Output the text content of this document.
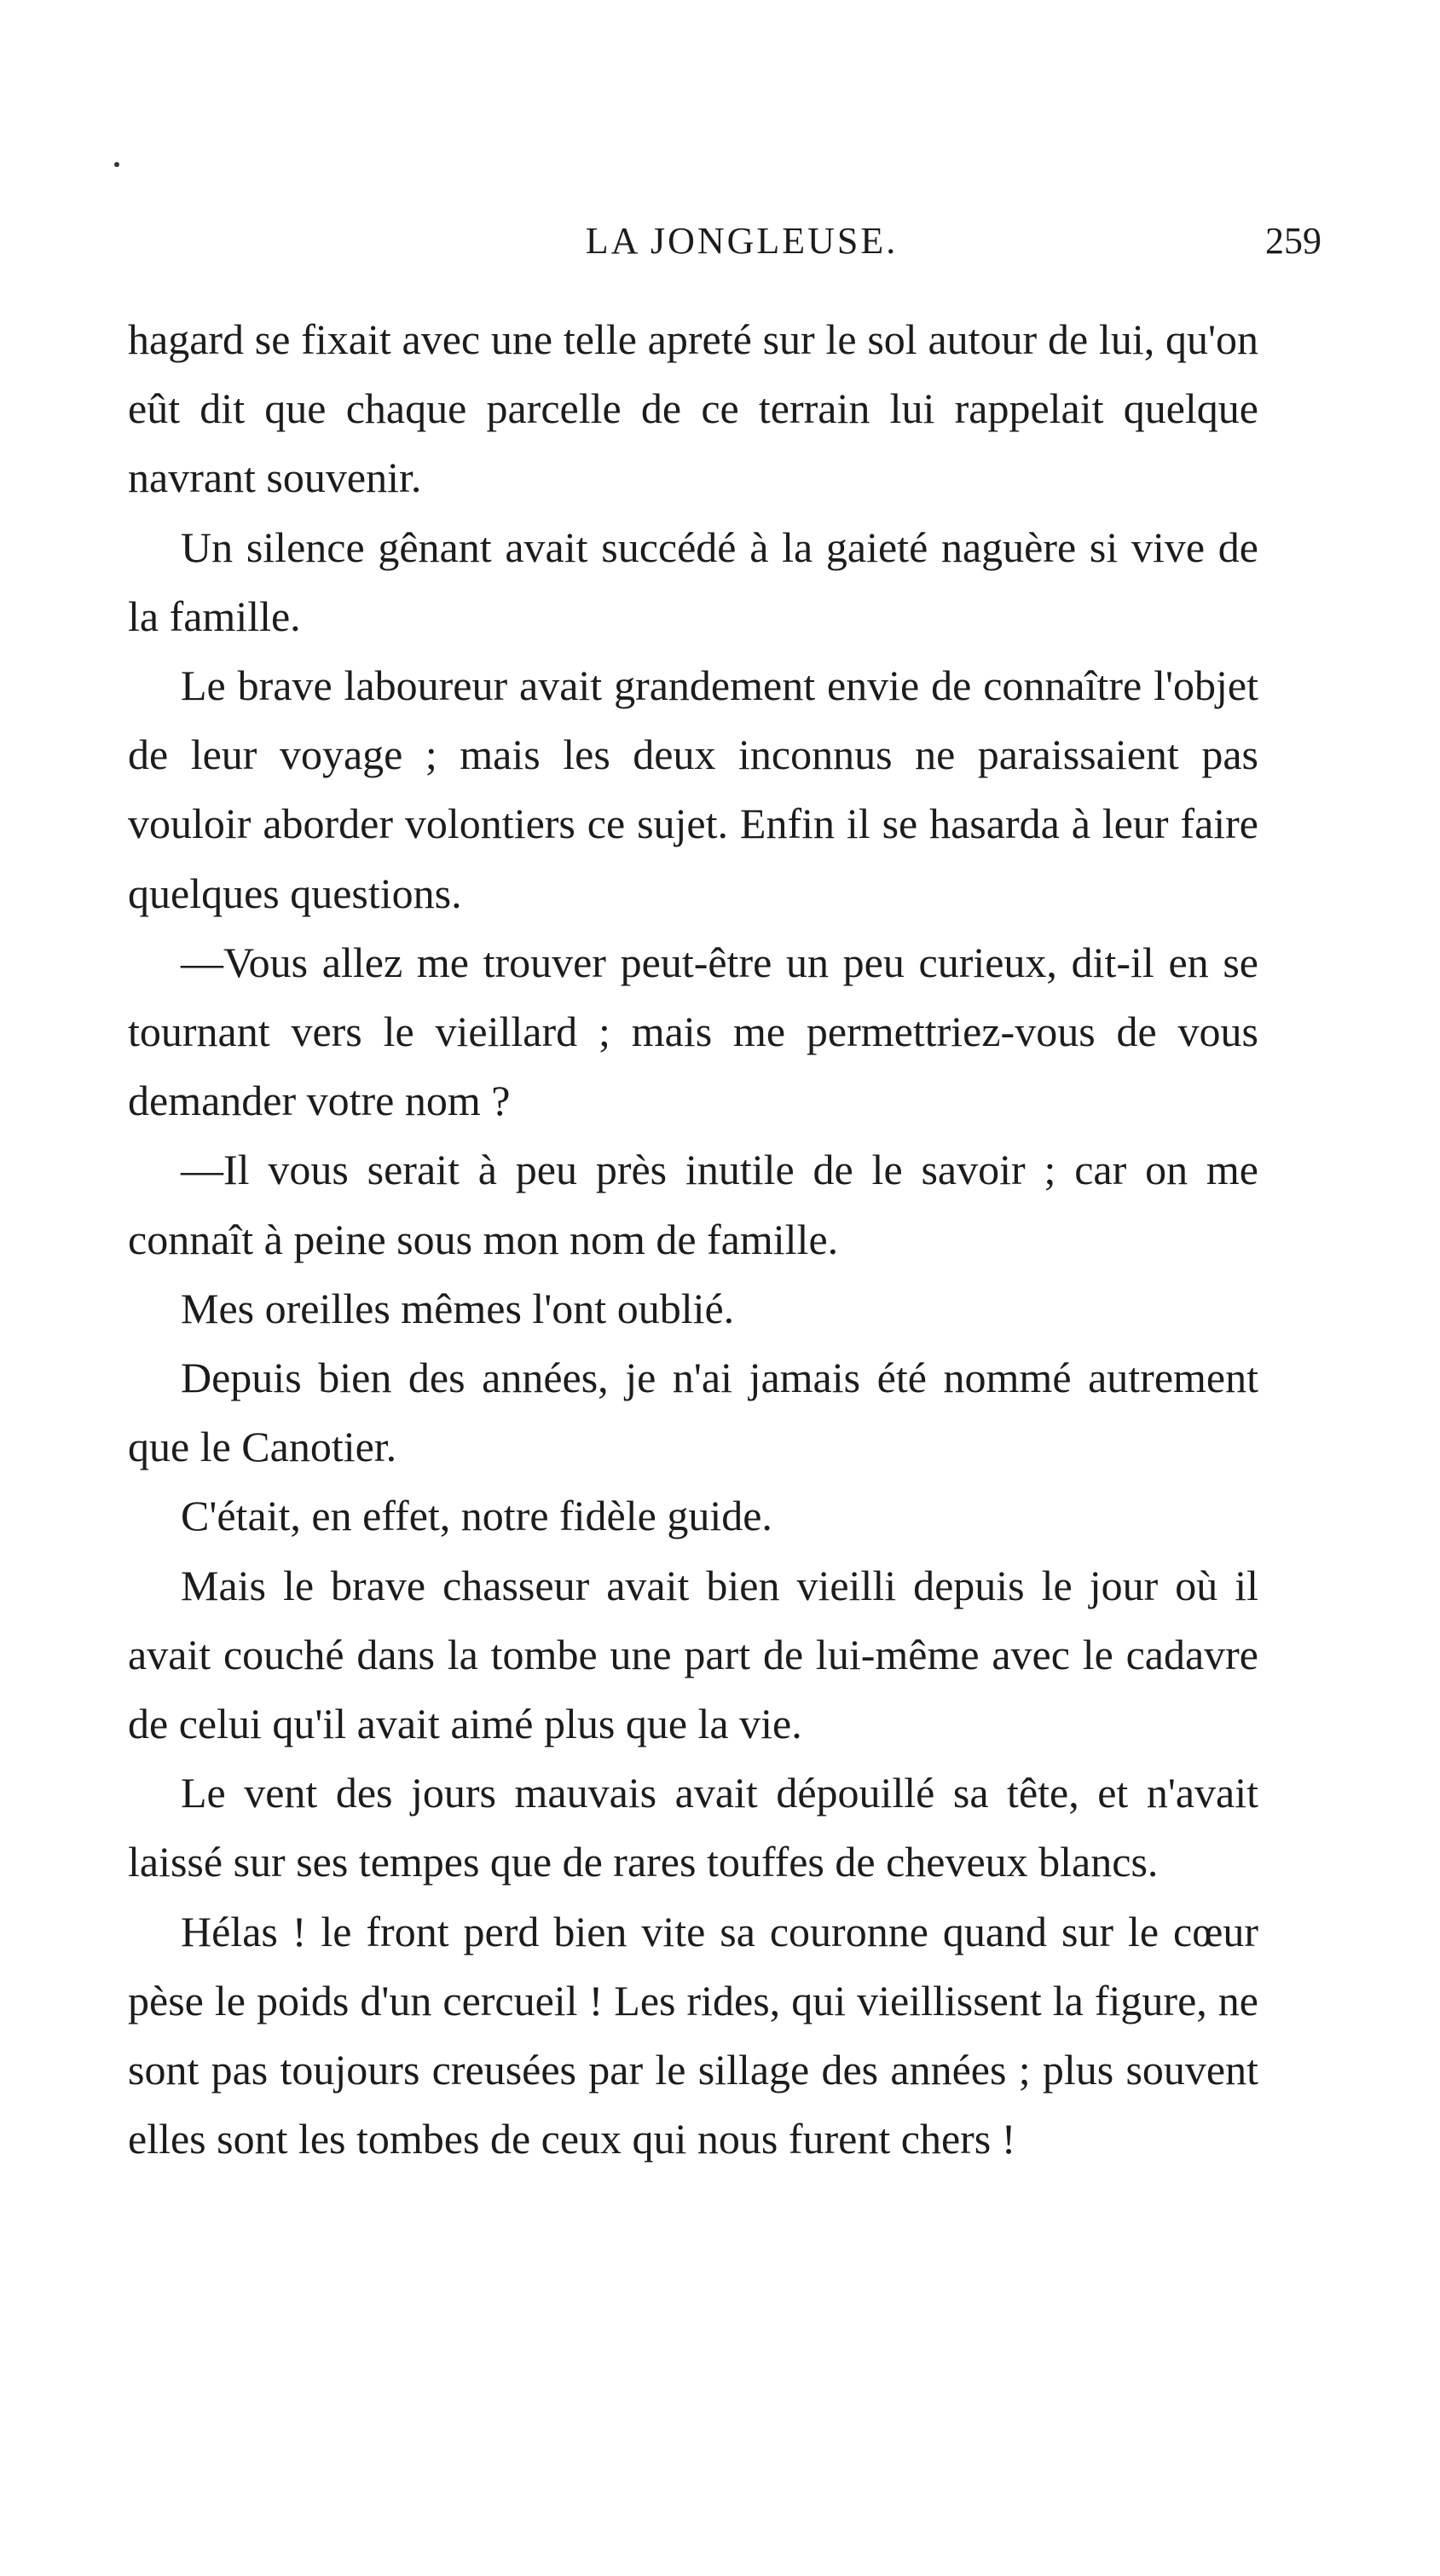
LA JONGLEUSE.	259

hagard se fixait avec une telle apreté sur le sol autour de lui, qu'on eût dit que chaque parcelle de ce terrain lui rappelait quelque navrant souvenir.

Un silence gênant avait succédé à la gaieté naguère si vive de la famille.

Le brave laboureur avait grandement envie de connaître l'objet de leur voyage ; mais les deux inconnus ne paraissaient pas vouloir aborder volontiers ce sujet. Enfin il se hasarda à leur faire quelques questions.

—Vous allez me trouver peut-être un peu curieux, dit-il en se tournant vers le vieillard ; mais me permettriez-vous de vous demander votre nom ?

—Il vous serait à peu près inutile de le savoir ; car on me connaît à peine sous mon nom de famille.

Mes oreilles mêmes l'ont oublié.

Depuis bien des années, je n'ai jamais été nommé autrement que le Canotier.

C'était, en effet, notre fidèle guide.

Mais le brave chasseur avait bien vieilli depuis le jour où il avait couché dans la tombe une part de lui-même avec le cadavre de celui qu'il avait aimé plus que la vie.

Le vent des jours mauvais avait dépouillé sa tête, et n'avait laissé sur ses tempes que de rares touffes de cheveux blancs.

Hélas ! le front perd bien vite sa couronne quand sur le cœur pèse le poids d'un cercueil ! Les rides, qui vieillissent la figure, ne sont pas toujours creusées par le sillage des années ; plus souvent elles sont les tombes de ceux qui nous furent chers !
